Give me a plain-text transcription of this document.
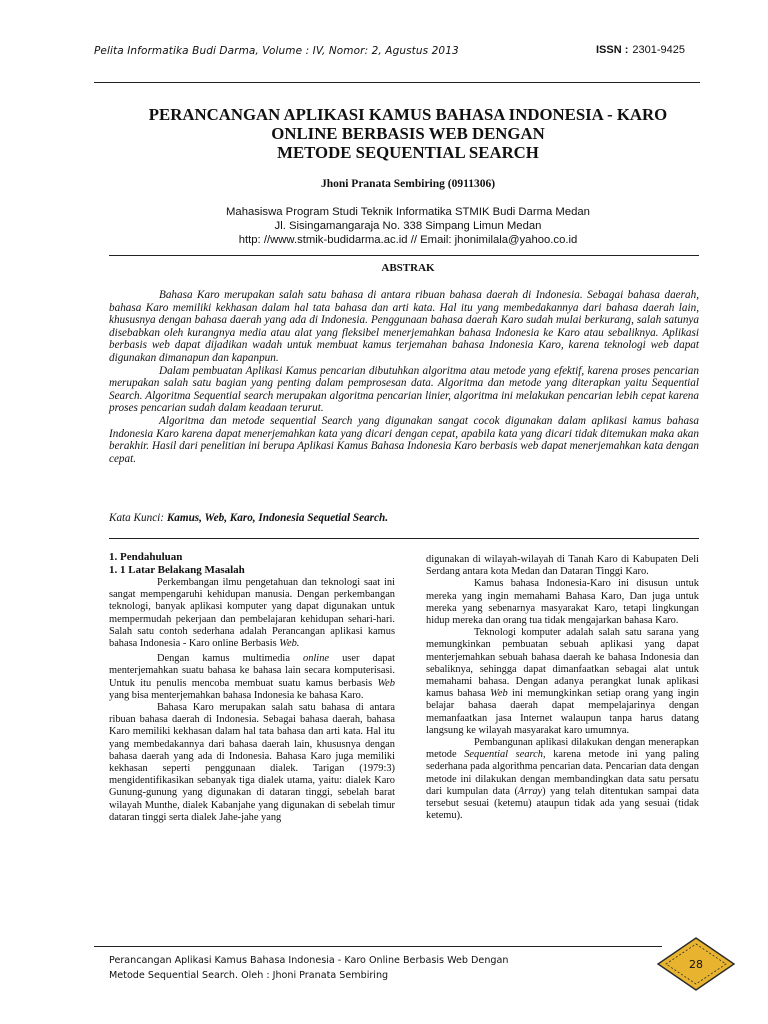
Pelita Informatika Budi Darma, Volume : IV, Nomor: 2, Agustus 2013	ISSN : 2301-9425
PERANCANGAN APLIKASI KAMUS BAHASA INDONESIA - KARO
ONLINE BERBASIS WEB DENGAN
METODE SEQUENTIAL SEARCH
Jhoni Pranata Sembiring (0911306)
Mahasiswa Program Studi Teknik Informatika STMIK Budi Darma Medan
Jl. Sisingamangaraja No. 338 Simpang Limun Medan
http: //www.stmik-budidarma.ac.id // Email: jhonimilala@yahoo.co.id
ABSTRAK

Bahasa Karo merupakan salah satu bahasa di antara ribuan bahasa daerah di Indonesia. Sebagai bahasa daerah, bahasa Karo memiliki kekhasan dalam hal tata bahasa dan arti kata. Hal itu yang membedakannya dari bahasa daerah lain, khususnya dengan bahasa daerah yang ada di Indonesia. Penggunaan bahasa daerah Karo sudah mulai berkurang, salah satunya disebabkan oleh kurangnya media atau alat yang fleksibel menerjemahkan bahasa Indonesia ke Karo atau sebaliknya. Aplikasi berbasis web dapat dijadikan wadah untuk membuat kamus terjemahan bahasa Indonesia Karo, karena teknologi web dapat digunakan dimanapun dan kapanpun.

Dalam pembuatan Aplikasi Kamus pencarian dibutuhkan algoritma atau metode yang efektif, karena proses pencarian merupakan salah satu bagian yang penting dalam pemprosesan data. Algoritma dan metode yang diterapkan yaitu Sequential Search. Algoritma Sequential search merupakan algoritma pencarian linier, algoritma ini melakukan pencarian lebih cepat karena proses pencarian sudah dalam keadaan terurut.

Algoritma dan metode sequential Search yang digunakan sangat cocok digunakan dalam aplikasi kamus bahasa Indonesia Karo karena dapat menerjemahkan kata yang dicari dengan cepat, apabila kata yang dicari tidak ditemukan maka akan berakhir. Hasil dari penelitian ini berupa Aplikasi Kamus Bahasa Indonesia Karo berbasis web dapat menerjemahkan kata dengan cepat.

Kata Kunci: Kamus, Web, Karo, Indonesia Sequetial Search.
1. Pendahuluan
1. 1 Latar Belakang Masalah

Perkembangan ilmu pengetahuan dan teknologi saat ini sangat mempengaruhi kehidupan manusia. Dengan perkembangan teknologi, banyak aplikasi komputer yang dapat digunakan untuk mempermudah pekerjaan dan pembelajaran kehidupan sehari-hari. Salah satu contoh sederhana adalah Perancangan aplikasi kamus bahasa Indonesia - Karo online Berbasis Web.

Dengan kamus multimedia online user dapat menterjemahkan suatu bahasa ke bahasa lain secara komputerisasi. Untuk itu penulis mencoba membuat suatu kamus berbasis Web yang bisa menterjemahkan bahasa Indonesia ke bahasa Karo.

Bahasa Karo merupakan salah satu bahasa di antara ribuan bahasa daerah di Indonesia. Sebagai bahasa daerah, bahasa Karo memiliki kekhasan dalam hal tata bahasa dan arti kata. Hal itu yang membedakannya dari bahasa daerah lain, khususnya dengan bahasa daerah yang ada di Indonesia. Bahasa Karo juga memiliki kekhasan seperti penggunaan dialek. Tarigan (1979:3) mengidentifikasikan sebanyak tiga dialek utama, yaitu: dialek Karo Gunung-gunung yang digunakan di dataran tinggi, sebelah barat wilayah Munthe, dialek Kabanjahe yang digunakan di sebelah timur dataran tinggi serta dialek Jahe-jahe yang

digunakan di wilayah-wilayah di Tanah Karo di Kabupaten Deli Serdang antara kota Medan dan Dataran Tinggi Karo.

Kamus bahasa Indonesia-Karo ini disusun untuk mereka yang ingin memahami Bahasa Karo, Dan juga untuk mereka yang sebenarnya masyarakat Karo, tetapi lingkungan hidup mereka dan orang tua tidak mengajarkan bahasa Karo.

Teknologi komputer adalah salah satu sarana yang memungkinkan pembuatan sebuah aplikasi yang dapat menterjemahkan sebuah bahasa daerah ke bahasa Indonesia dan sebaliknya, sehingga dapat dimanfaatkan sebagai alat untuk memahami bahasa. Dengan adanya perangkat lunak aplikasi kamus bahasa Web ini memungkinkan setiap orang yang ingin belajar bahasa daerah dapat mempelajarinya dengan memanfaatkan jasa Internet walaupun tanpa harus datang langsung ke wilayah masyarakat karo umumnya.

Pembangunan aplikasi dilakukan dengan menerapkan metode Sequential search, karena metode ini yang paling sederhana pada algorithma pencarian data. Pencarian data dengan metode ini dilakukan dengan membandingkan data satu persatu dari kumpulan data (Array) yang telah ditentukan sampai data tersebut sesuai (ketemu) ataupun tidak ada yang sesuai (tidak ketemu).

Perancangan Aplikasi Kamus Bahasa Indonesia - Karo Online Berbasis Web Dengan
Metode Sequential Search. Oleh : Jhoni Pranata Sembiring
28
